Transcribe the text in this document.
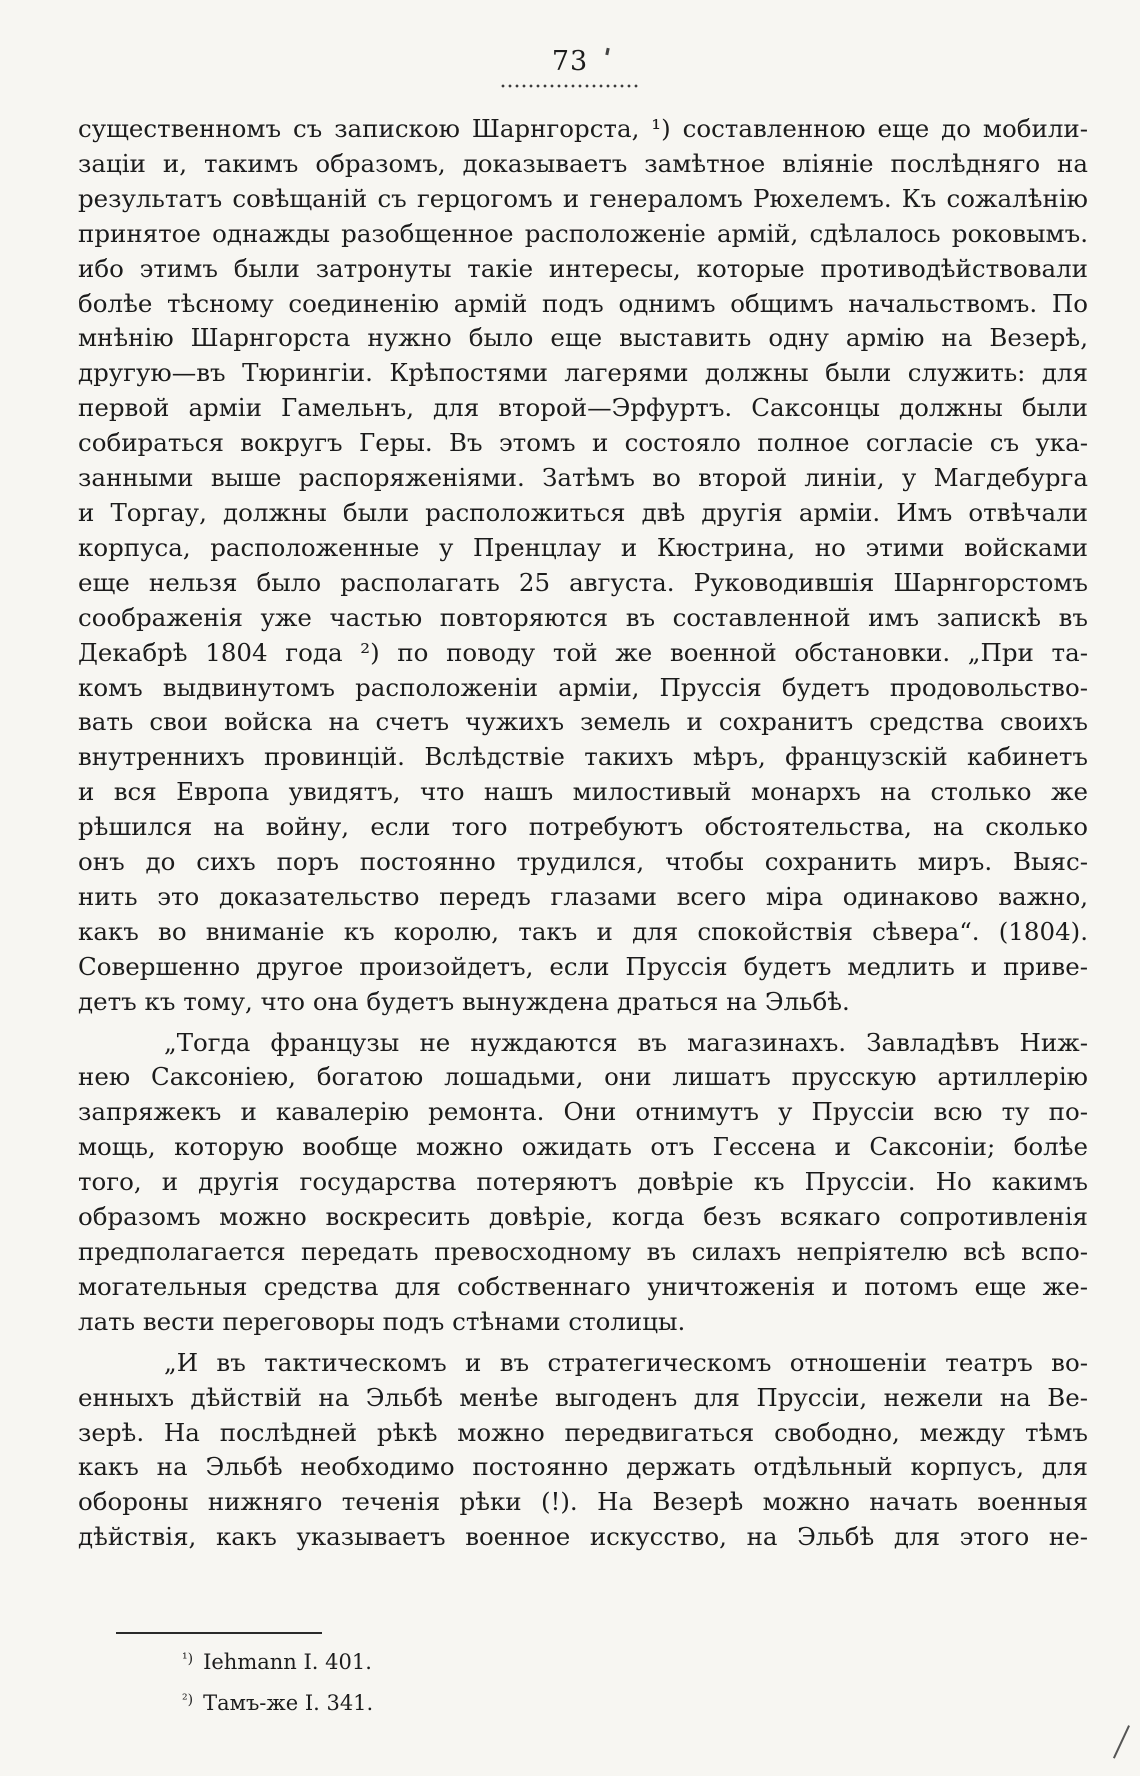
73
существенномъ съ запискою Шарнгорста, ¹) составленною еще до мобили-
заціи и, такимъ образомъ, доказываетъ замѣтное вліяніе послѣдняго на
результатъ совѣщаній съ герцогомъ и генераломъ Рюхелемъ. Къ сожалѣнію
принятое однажды разобщенное расположеніе армій, сдѣлалось роковымъ.
ибо этимъ были затронуты такіе интересы, которые противодѣйствовали
болѣе тѣсному соединенію армій подъ однимъ общимъ начальствомъ. По
мнѣнію Шарнгорста нужно было еще выставить одну армію на Везерѣ,
другую—въ Тюрингіи. Крѣпостями лагерями должны были служить: для
первой арміи Гамельнъ, для второй—Эрфуртъ. Саксонцы должны были
собираться вокругъ Геры. Въ этомъ и состояло полное согласіе съ ука-
занными выше распоряженіями. Затѣмъ во второй линіи, у Магдебурга
и Торгау, должны были расположиться двѣ другія арміи. Имъ отвѣчали
корпуса, расположенные у Пренцлау и Кюстрина, но этими войсками
еще нельзя было располагать 25 августа. Руководившія Шарнгорстомъ
соображенія уже частью повторяются въ составленной имъ запискѣ въ
Декабрѣ 1804 года ²) по поводу той же военной обстановки. „При та-
комъ выдвинутомъ расположеніи арміи, Пруссія будетъ продовольство-
вать свои войска на счетъ чужихъ земель и сохранитъ средства своихъ
внутреннихъ провинцій. Вслѣдствіе такихъ мѣръ, французскій кабинетъ
и вся Европа увидятъ, что нашъ милостивый монархъ на столько же
рѣшился на войну, если того потребуютъ обстоятельства, на сколько
онъ до сихъ поръ постоянно трудился, чтобы сохранить миръ. Выяс-
нить это доказательство передъ глазами всего міра одинаково важно,
какъ во вниманіе къ королю, такъ и для спокойствія сѣвера“. (1804).
Совершенно другое произойдетъ, если Пруссія будетъ медлить и приве-
детъ къ тому, что она будетъ вынуждена драться на Эльбѣ.
„Тогда французы не нуждаются въ магазинахъ. Завладѣвъ Ниж-
нею Саксоніею, богатою лошадьми, они лишатъ прусскую артиллерію
запряжекъ и кавалерію ремонта. Они отнимутъ у Пруссіи всю ту по-
мощь, которую вообще можно ожидать отъ Гессена и Саксоніи; болѣе
того, и другія государства потеряютъ довѣріе къ Пруссіи. Но какимъ
образомъ можно воскресить довѣріе, когда безъ всякаго сопротивленія
предполагается передать превосходному въ силахъ непріятелю всѣ вспо-
могательныя средства для собственнаго уничтоженія и потомъ еще же-
лать вести переговоры подъ стѣнами столицы.
„И въ тактическомъ и въ стратегическомъ отношеніи театръ во-
енныхъ дѣйствій на Эльбѣ менѣе выгоденъ для Пруссіи, нежели на Ве-
зерѣ. На послѣдней рѣкѣ можно передвигаться свободно, между тѣмъ
какъ на Эльбѣ необходимо постоянно держать отдѣльный корпусъ, для
обороны нижняго теченія рѣки (!). На Везерѣ можно начать военныя
дѣйствія, какъ указываетъ военное искусство, на Эльбѣ для этого не-
$^{^1)}$ Iehmann I. 401.
$^{^2)}$ Тамъ-же I. 341.
